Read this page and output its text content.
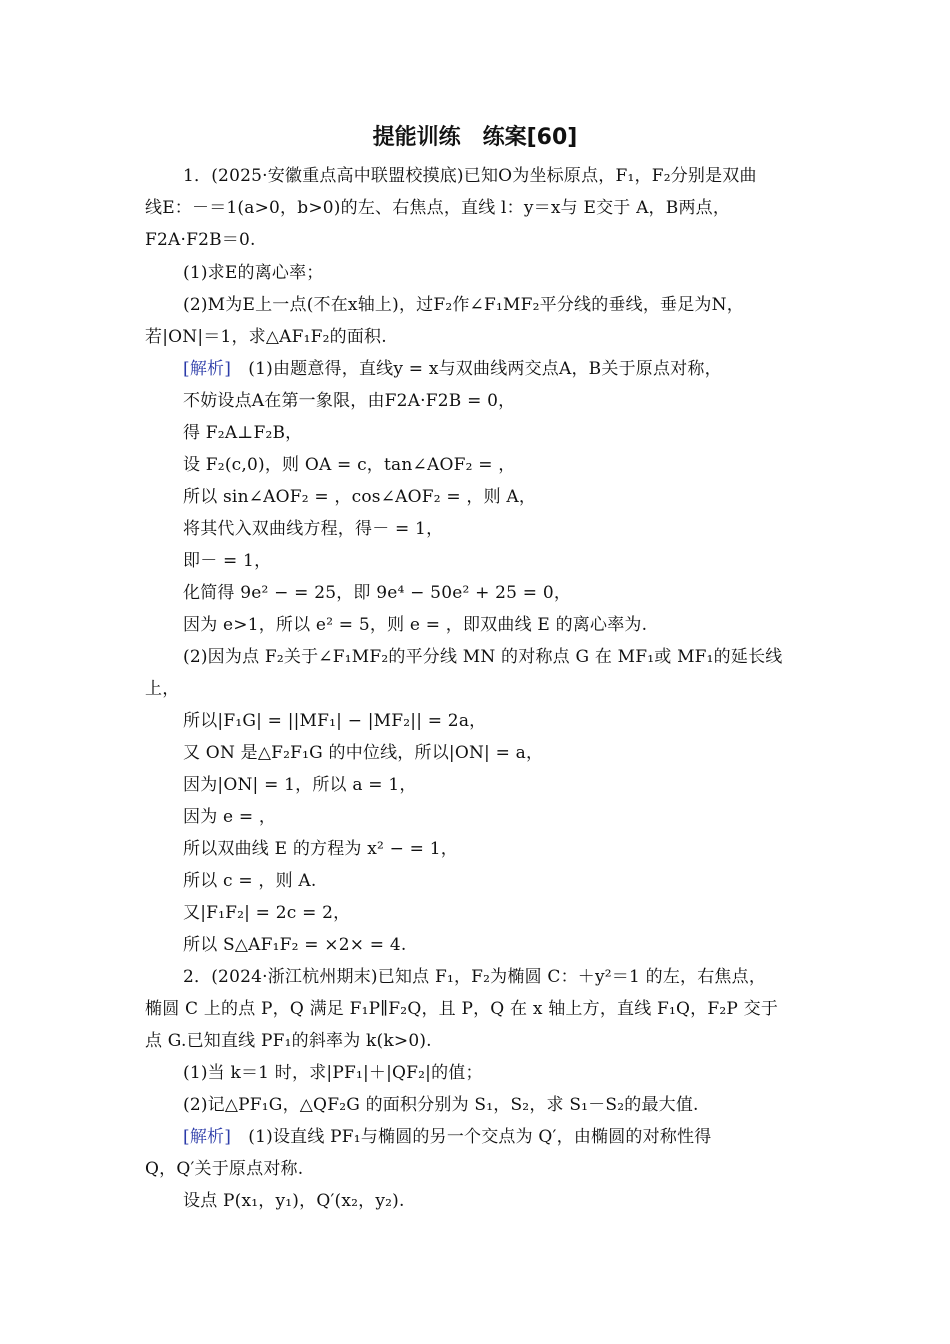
提能训练　练案[60]
1．(2025·安徽重点高中联盟校摸底)已知O为坐标原点，F₁，F₂分别是双曲
线E：－＝1(a>0，b>0)的左、右焦点，直线 l：y＝x与 E交于 A，B两点，
F2A·F2B＝0.
(1)求E的离心率；
(2)M为E上一点(不在x轴上)，过F₂作∠F₁MF₂平分线的垂线，垂足为N，
若|ON|＝1，求△AF₁F₂的面积.
[解析]　 (1)由题意得，直线y = x与双曲线两交点A，B关于原点对称，
不妨设点A在第一象限，由F2A·F2B = 0，
得 F₂A⊥F₂B，
设 F₂(c,0)，则 OA = c，tan∠AOF₂ = ，
所以 sin∠AOF₂ = ，cos∠AOF₂ = ，则 A，
将其代入双曲线方程，得－ = 1，
即－ = 1，
化简得 9e² − = 25，即 9e⁴ − 50e² + 25 = 0，
因为 e>1，所以 e² = 5，则 e = ，即双曲线 E 的离心率为.
(2)因为点 F₂关于∠F₁MF₂的平分线 MN 的对称点 G 在 MF₁或 MF₁的延长线
上，
所以|F₁G| = ||MF₁| − |MF₂|| = 2a，
又 ON 是△F₂F₁G 的中位线，所以|ON| = a，
因为|ON| = 1，所以 a = 1，
因为 e = ，
所以双曲线 E 的方程为 x² − = 1，
所以 c = ，则 A.
又|F₁F₂| = 2c = 2，
所以 S△AF₁F₂ = ×2× = 4.
2．(2024·浙江杭州期末)已知点 F₁，F₂为椭圆 C：＋y²＝1 的左，右焦点，
椭圆 C 上的点 P，Q 满足 F₁P∥F₂Q，且 P，Q 在 x 轴上方，直线 F₁Q，F₂P 交于
点 G.已知直线 PF₁的斜率为 k(k>0).
(1)当 k＝1 时，求|PF₁|＋|QF₂|的值；
(2)记△PF₁G，△QF₂G 的面积分别为 S₁，S₂，求 S₁－S₂的最大值.
[解析]　 (1)设直线 PF₁与椭圆的另一个交点为 Q′，由椭圆的对称性得
Q，Q′关于原点对称.
设点 P(x₁，y₁)，Q′(x₂，y₂).
